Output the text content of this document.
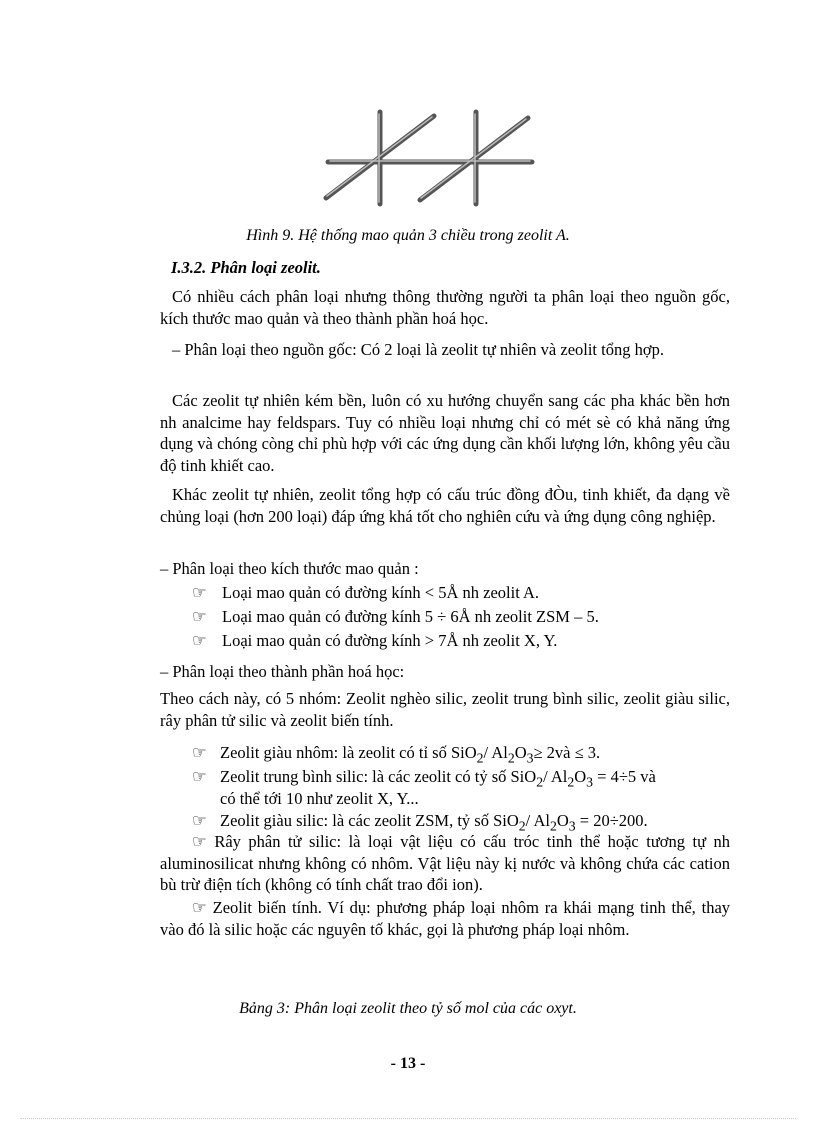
Hình 9. Hệ thống mao quản 3 chiều trong zeolit A.
I.3.2. Phân loại zeolit.
Có nhiều cách phân loại nhưng thông thường người ta phân loại theo nguồn gốc, kích thước mao quản và theo thành phần hoá học.
– Phân loại theo nguồn gốc: Có 2 loại là zeolit tự nhiên và zeolit tổng hợp.
Các zeolit tự nhiên kém bền, luôn có xu hướng chuyển sang các pha khác bền hơn nh analcime hay feldspars. Tuy có nhiều loại nhưng chỉ có mét sè có khả năng ứng dụng và chóng còng chỉ phù hợp với các ứng dụng cần khối lượng lớn, không yêu cầu độ tinh khiết cao.
Khác zeolit tự nhiên, zeolit tổng hợp có cấu trúc đồng đÒu, tinh khiết, đa dạng về chủng loại (hơn 200 loại) đáp ứng khá tốt cho nghiên cứu và ứng dụng công nghiệp.
– Phân loại theo kích thước mao quản :
☞ Loại mao quản có đường kính < 5Å nh zeolit A.
☞ Loại mao quản có đường kính 5 ÷ 6Å nh zeolit ZSM – 5.
☞ Loại mao quản có đường kính > 7Å nh zeolit X, Y.
– Phân loại theo thành phần hoá học:
Theo cách này, có 5 nhóm: Zeolit nghèo silic, zeolit trung bình silic, zeolit giàu silic, rây phân tử silic và zeolit biến tính.
☞ Zeolit giàu nhôm: là zeolit có tỉ số SiO$_2$/ $Al_2O_3\ge$ 2và ≤ 3.
☞ Zeolit trung bình silic: là các zeolit có tỷ số SiO$_2$/ $Al_2O_3 = 4\div 5$ và
có thể tới 10 như zeolit X, Y...
☞ Zeolit giàu silic: là các zeolit ZSM, tỷ số SiO$_2$/ $Al_2O_3 = 20\div 200$.
☞ Rây phân tử silic: là loại vật liệu có cấu tróc tinh thể hoặc tương tự nh aluminosilicat nhưng không có nhôm. Vật liệu này kị nước và không chứa các cation bù trừ điện tích (không có tính chất trao đổi ion).
☞ Zeolit biến tính. Ví dụ: phương pháp loại nhôm ra khái mạng tinh thể, thay vào đó là silic hoặc các nguyên tố khác, gọi là phương pháp loại nhôm.
Bảng 3: Phân loại zeolit theo tỷ số mol của các oxyt.
- 13 -
